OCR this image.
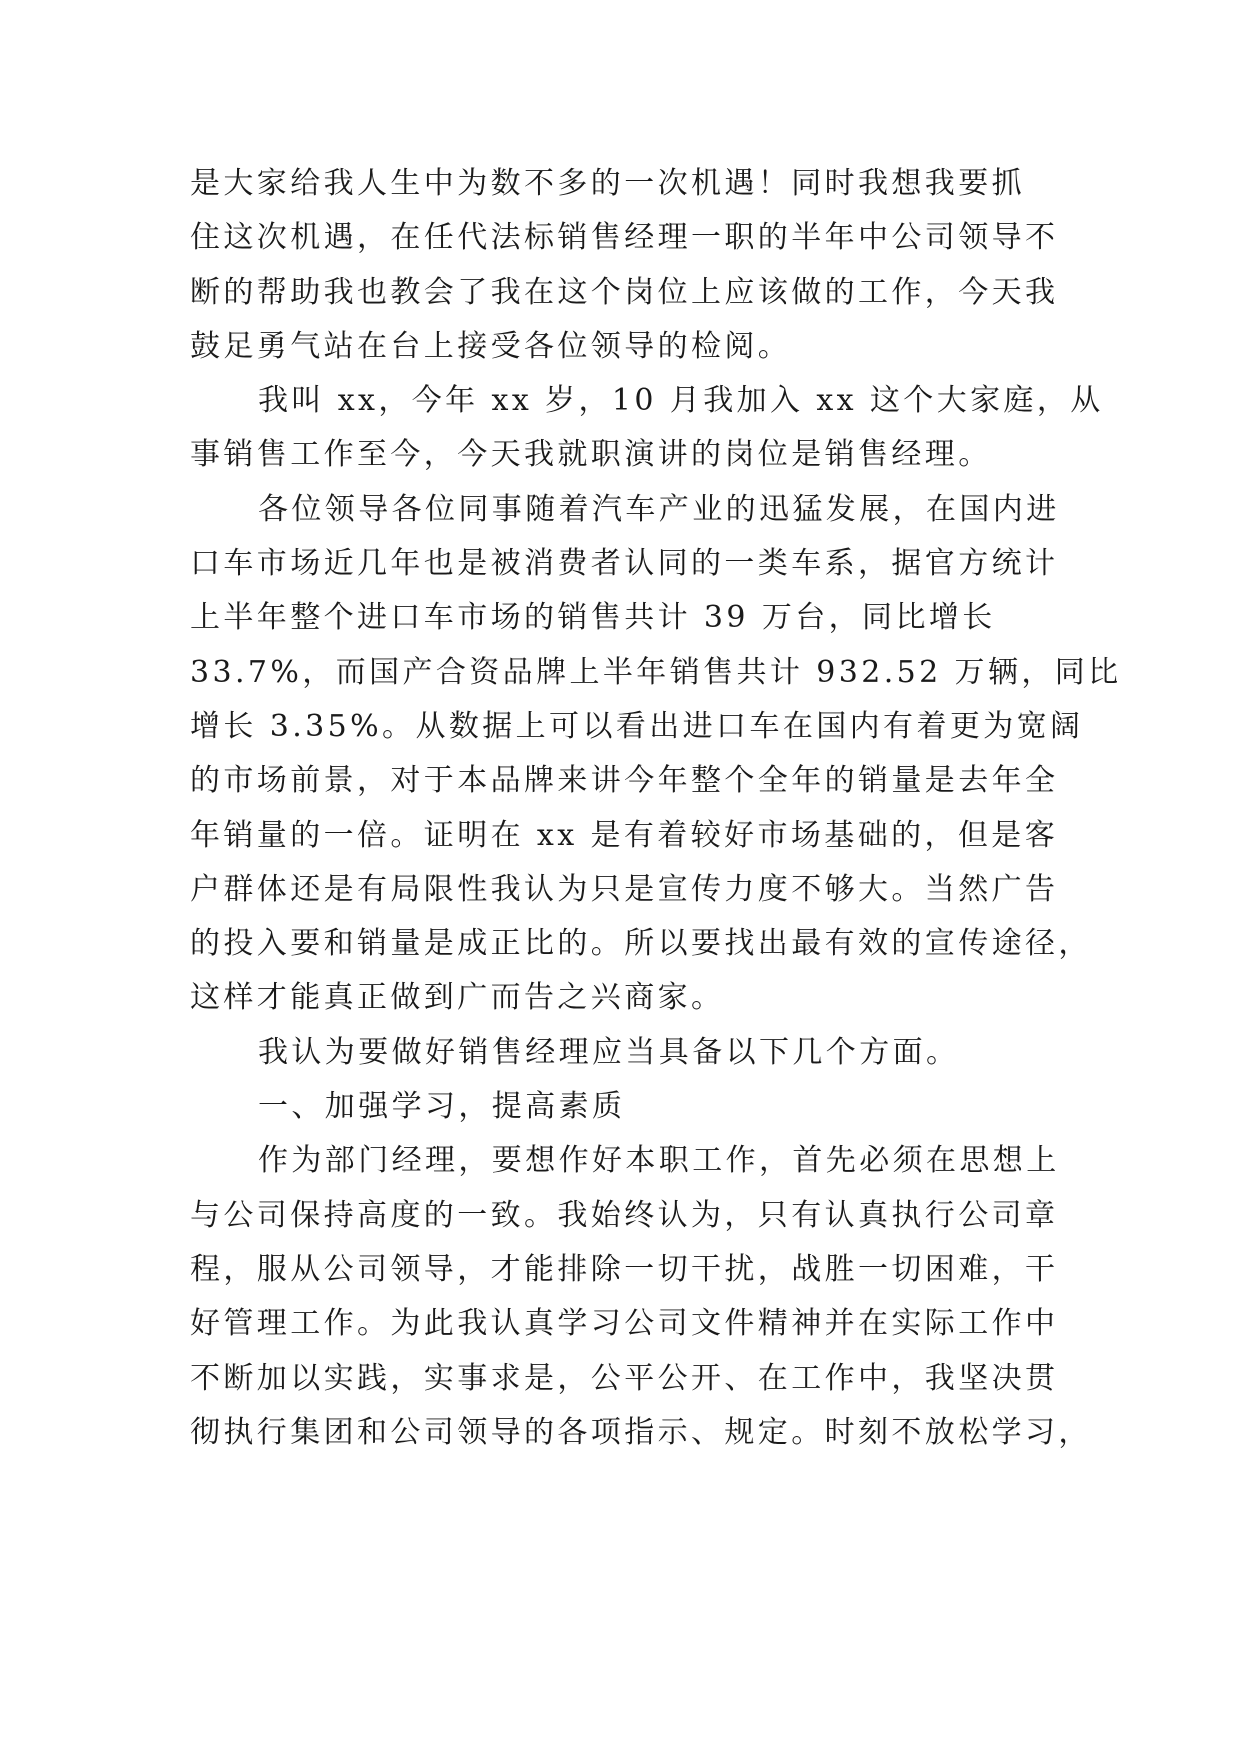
是大家给我人生中为数不多的一次机遇！同时我想我要抓
住这次机遇，在任代法标销售经理一职的半年中公司领导不
断的帮助我也教会了我在这个岗位上应该做的工作，今天我
鼓足勇气站在台上接受各位领导的检阅。
我叫 xx，今年 xx 岁，10 月我加入 xx 这个大家庭，从
事销售工作至今，今天我就职演讲的岗位是销售经理。
各位领导各位同事随着汽车产业的迅猛发展，在国内进
口车市场近几年也是被消费者认同的一类车系，据官方统计
上半年整个进口车市场的销售共计 39 万台，同比增长
33.7%，而国产合资品牌上半年销售共计 932.52 万辆，同比
增长 3.35%。从数据上可以看出进口车在国内有着更为宽阔
的市场前景，对于本品牌来讲今年整个全年的销量是去年全
年销量的一倍。证明在 xx 是有着较好市场基础的，但是客
户群体还是有局限性我认为只是宣传力度不够大。当然广告
的投入要和销量是成正比的。所以要找出最有效的宣传途径，
这样才能真正做到广而告之兴商家。
我认为要做好销售经理应当具备以下几个方面。
一、加强学习，提高素质
作为部门经理，要想作好本职工作，首先必须在思想上
与公司保持高度的一致。我始终认为，只有认真执行公司章
程，服从公司领导，才能排除一切干扰，战胜一切困难，干
好管理工作。为此我认真学习公司文件精神并在实际工作中
不断加以实践，实事求是，公平公开、在工作中，我坚决贯
彻执行集团和公司领导的各项指示、规定。时刻不放松学习，
